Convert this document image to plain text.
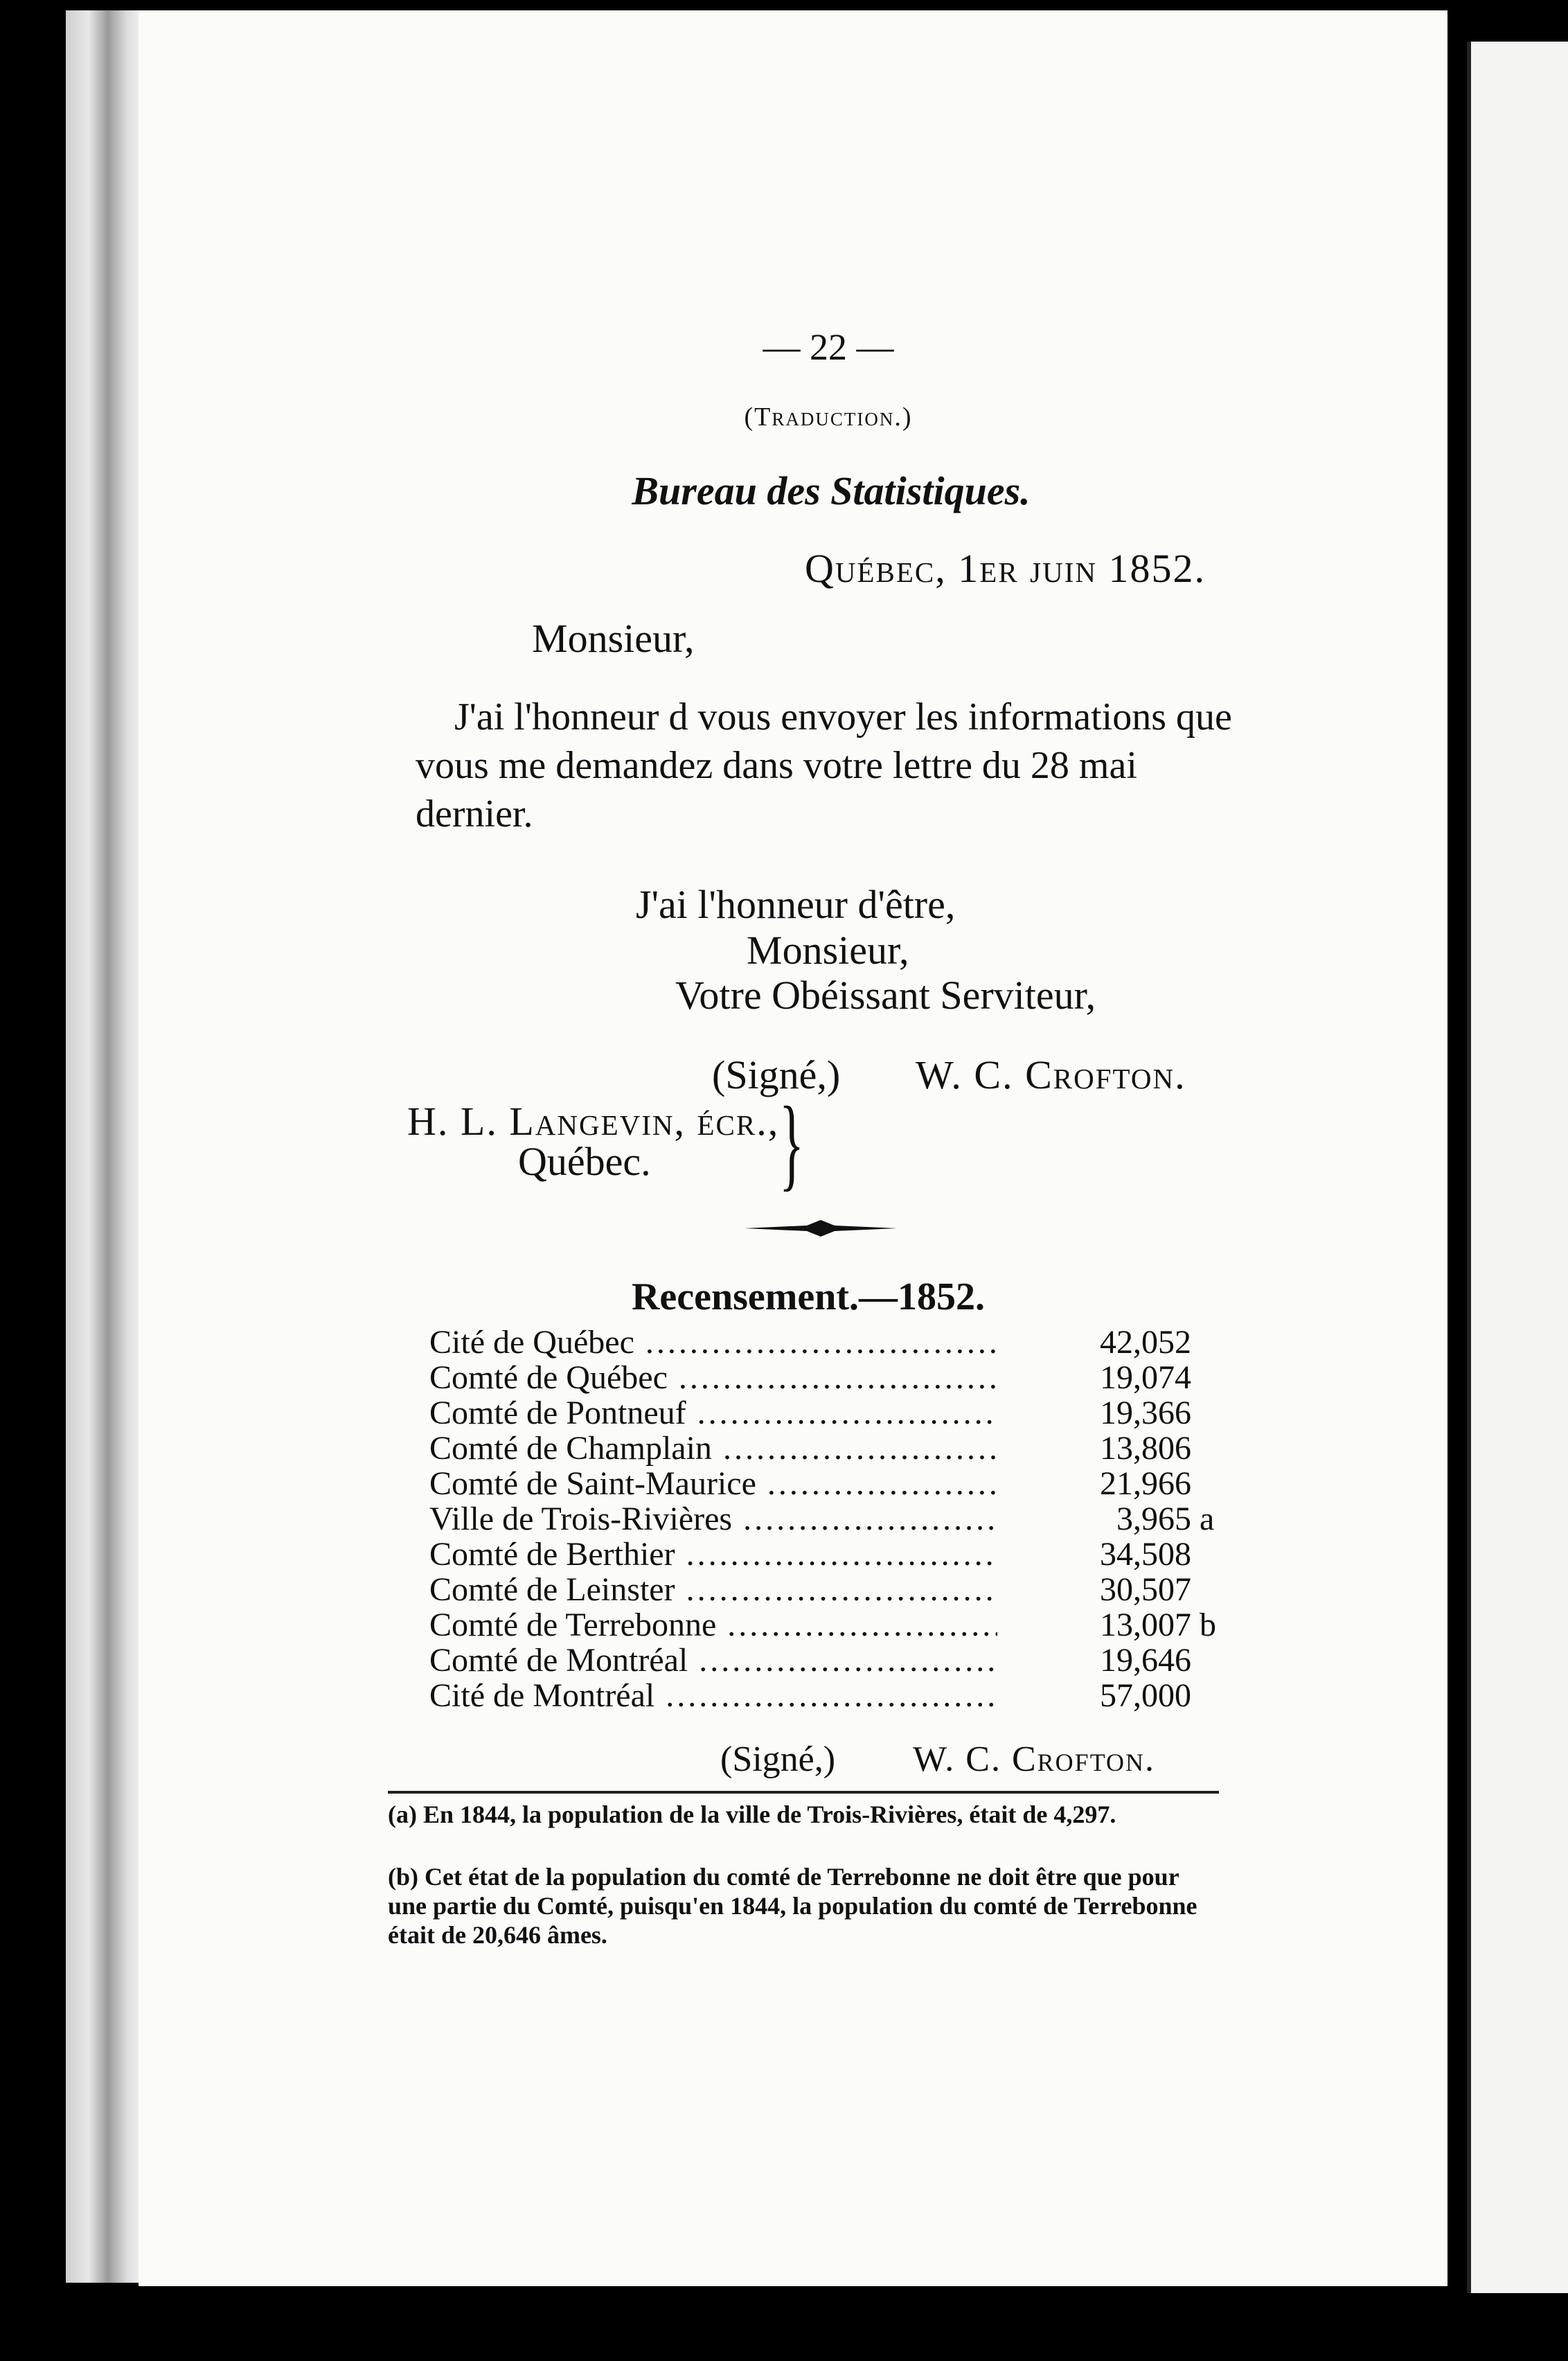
— 22 —
(Traduction.)
Bureau des Statistiques.
Québec, 1er juin 1852.
Monsieur,
J'ai l'honneur d vous envoyer les informations que vous me demandez dans votre lettre du 28 mai dernier.
J'ai l'honneur d'être,
Monsieur,
Votre Obéissant Serviteur,
(Signé,) W. C. Crofton.
H. L. Langevin, écr.,
Québec. }
Recensement.—1852.
Cité de Québec .....	42,052
Comté de Québec .....	19,074
Comté de Pontneuf .....	19,366
Comté de Champlain .....	13,806
Comté de Saint-Maurice .....	21,966
Ville de Trois-Rivières .....	3,965 a
Comté de Berthier .....	34,508
Comté de Leinster .....	30,507
Comté de Terrebonne .....	13,007 b
Comté de Montréal .....	19,646
Cité de Montréal .....	57,000
(Signé,) W. C. Crofton.
(a) En 1844, la population de la ville de Trois-Rivières, était de 4,297.
(b) Cet état de la population du comté de Terrebonne ne doit être que pour une partie du Comté, puisqu'en 1844, la population du comté de Terrebonne était de 20,646 âmes.
